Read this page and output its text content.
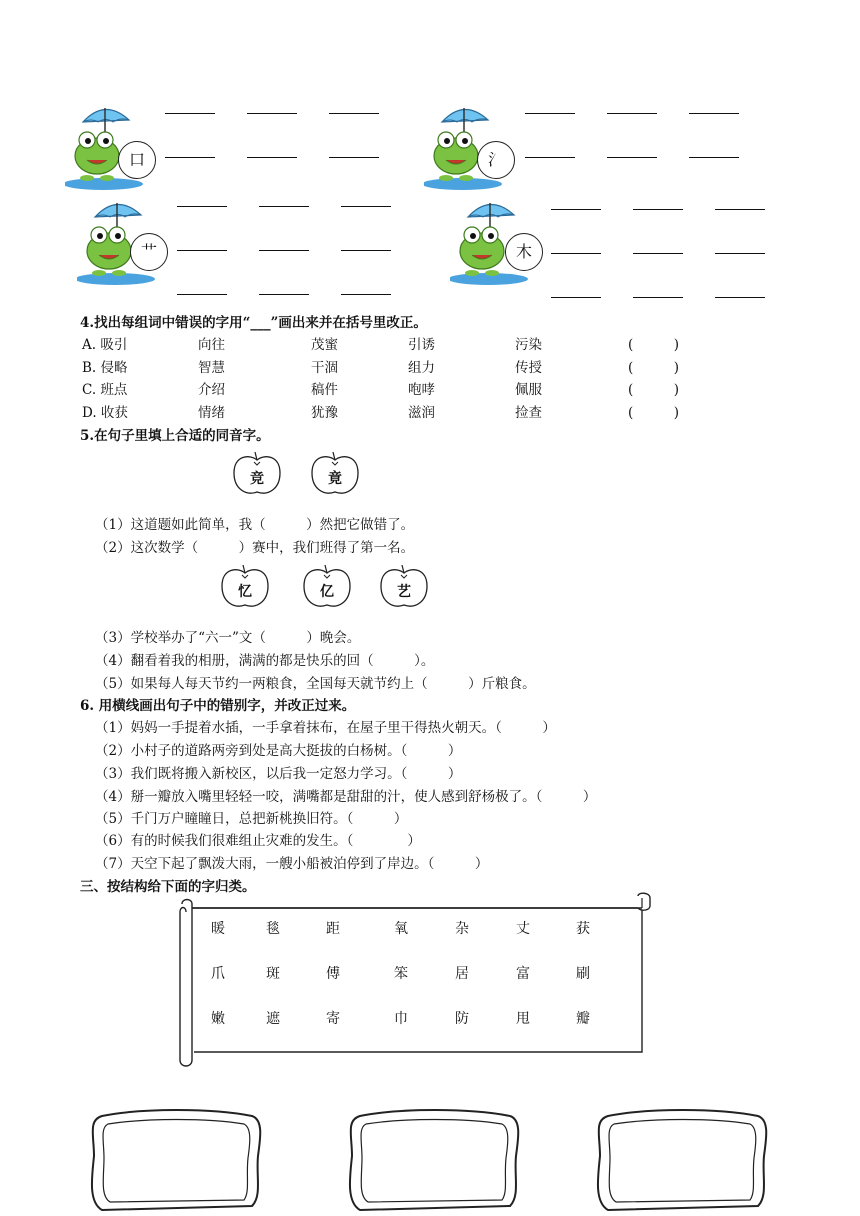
口	氵
艹	木
4.找出每组词中错误的字用“___”画出来并在括号里改正。
A. 吸引	向往	茂蜜	引诱	污染	(　　　)
B. 侵略	智慧	干涸	组力	传授	(　　　)
C. 班点	介绍	稿件	咆哮	佩服	(　　　)
D. 收获	情绪	犹豫	滋润	捡查	(　　　)
5.在句子里填上合适的同音字。
竞	竟
（1）这道题如此简单，我（　　　）然把它做错了。
（2）这次数学（　　　）赛中，我们班得了第一名。
忆	亿	艺
（3）学校举办了“六一”文（　　　）晚会。
（4）翻看着我的相册，满满的都是快乐的回（　　　）。
（5）如果每人每天节约一两粮食，全国每天就节约上（　　　）斤粮食。
6. 用横线画出句子中的错别字，并改正过来。
（1）妈妈一手提着水插，一手拿着抹布，在屋子里干得热火朝天。（　　　）
（2）小村子的道路两旁到处是高大挺拔的白杨树。（　　　）
（3）我们既将搬入新校区，以后我一定怒力学习。（　　　）
（4）掰一瓣放入嘴里轻轻一咬，满嘴都是甜甜的汁，使人感到舒杨极了。（　　　）
（5）千门万户瞳瞳日，总把新桃换旧符。（　　　）
（6）有的时候我们很难组止灾难的发生。（　　　　）
（7）天空下起了飘泼大雨，一艘小船被泊停到了岸边。（　　　）
三、按结构给下面的字归类。
暖	毯	距	氧	杂	丈	获
爪	斑	傅	笨	居	富	刷
嫩	遮	寄	巾	防	甩	瓣
